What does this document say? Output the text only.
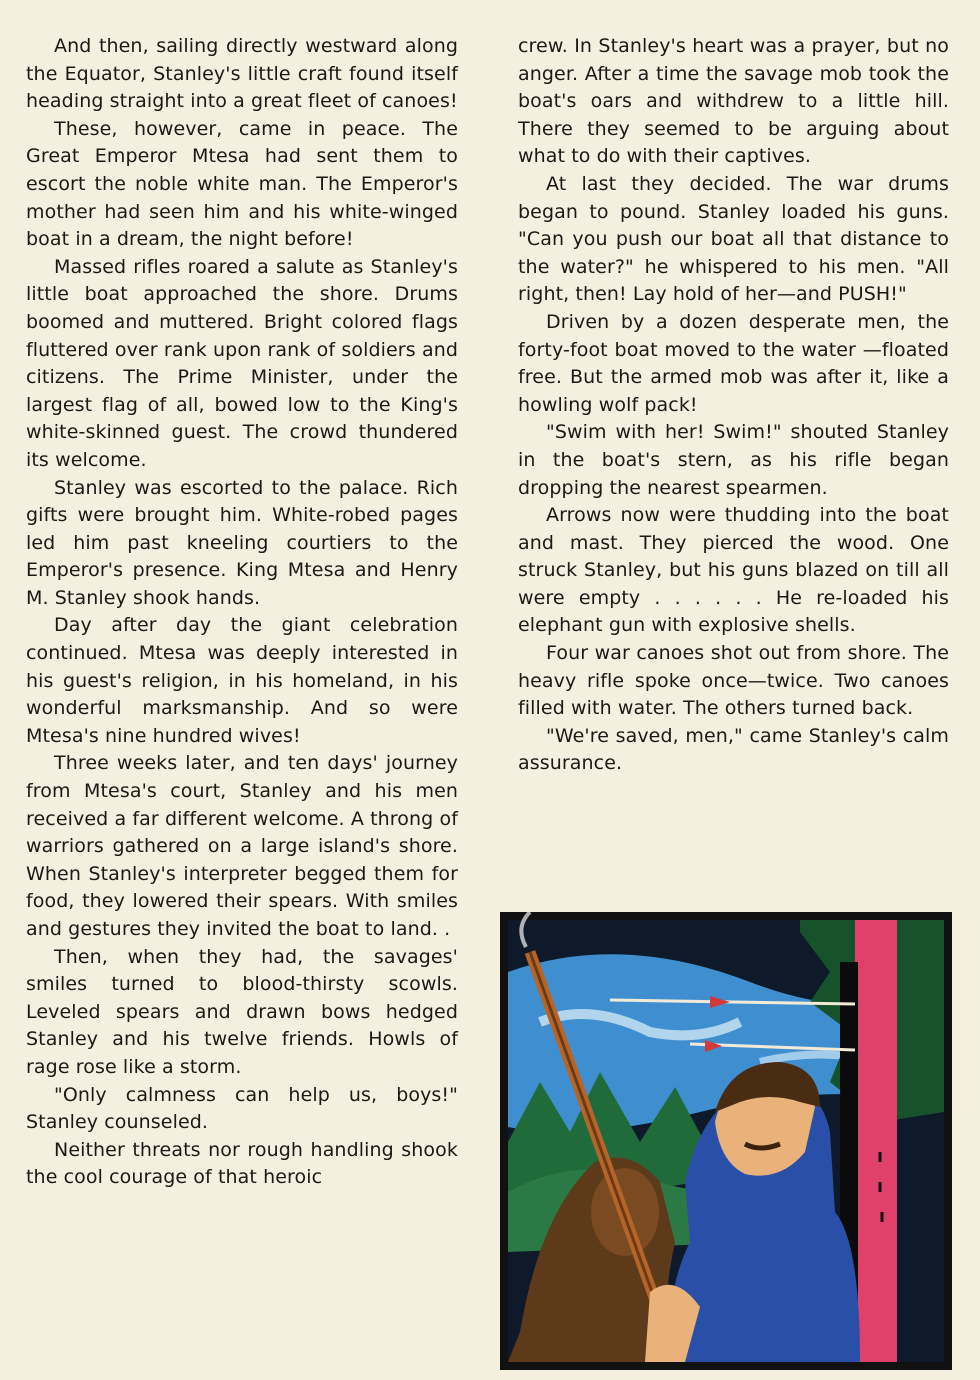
And then, sailing directly westward along the Equator, Stanley's little craft found itself heading straight into a great fleet of canoes!

These, however, came in peace. The Great Emperor Mtesa had sent them to escort the noble white man. The Emperor's mother had seen him and his white-winged boat in a dream, the night before!

Massed rifles roared a salute as Stanley's little boat approached the shore. Drums boomed and muttered. Bright colored flags fluttered over rank upon rank of soldiers and citizens. The Prime Minister, under the largest flag of all, bowed low to the King's white-skinned guest. The crowd thundered its welcome.

Stanley was escorted to the palace. Rich gifts were brought him. White-robed pages led him past kneeling courtiers to the Emperor's presence. King Mtesa and Henry M. Stanley shook hands.

Day after day the giant celebration continued. Mtesa was deeply interested in his guest's religion, in his homeland, in his wonderful marksmanship. And so were Mtesa's nine hundred wives!

Three weeks later, and ten days' journey from Mtesa's court, Stanley and his men received a far different welcome. A throng of warriors gathered on a large island's shore. When Stanley's interpreter begged them for food, they lowered their spears. With smiles and gestures they invited the boat to land. .

Then, when they had, the savages' smiles turned to blood-thirsty scowls. Leveled spears and drawn bows hedged Stanley and his twelve friends. Howls of rage rose like a storm.

"Only calmness can help us, boys!" Stanley counseled.

Neither threats nor rough handling shook the cool courage of that heroic

crew. In Stanley's heart was a prayer, but no anger. After a time the savage mob took the boat's oars and withdrew to a little hill. There they seemed to be arguing about what to do with their captives.

At last they decided. The war drums began to pound. Stanley loaded his guns. "Can you push our boat all that distance to the water?" he whispered to his men. "All right, then! Lay hold of her—and PUSH!"

Driven by a dozen desperate men, the forty-foot boat moved to the water —floated free. But the armed mob was after it, like a howling wolf pack!

"Swim with her! Swim!" shouted Stanley in the boat's stern, as his rifle began dropping the nearest spearmen.

Arrows now were thudding into the boat and mast. They pierced the wood. One struck Stanley, but his guns blazed on till all were empty . . . . . . He re-loaded his elephant gun with explosive shells.

Four war canoes shot out from shore. The heavy rifle spoke once—twice. Two canoes filled with water. The others turned back.

"We're saved, men," came Stanley's calm assurance.
